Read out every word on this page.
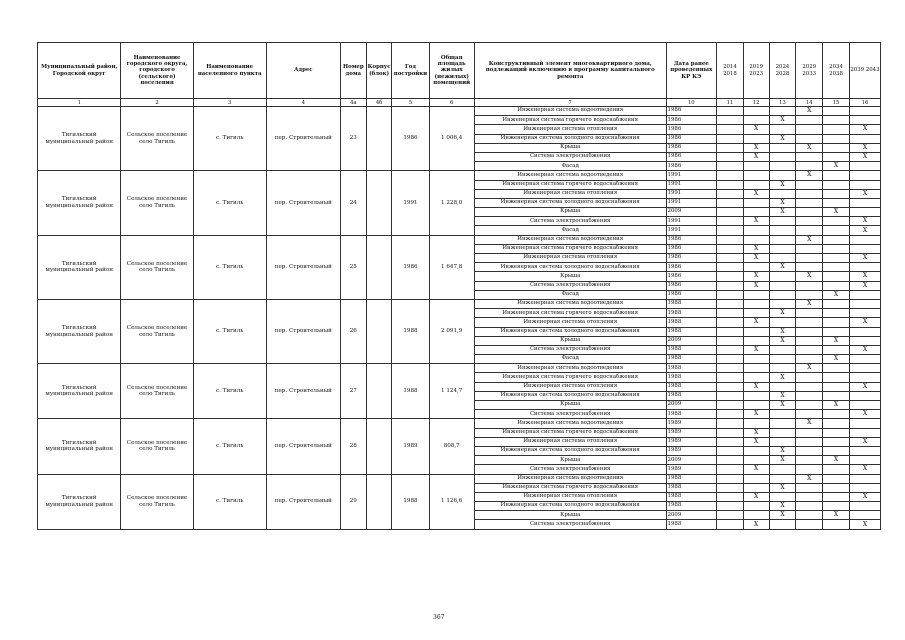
Муниципальный район, Городской округ	Наименование городского округа, городского (сельского) поселения	Наименование населенного пункта	Адрес	Номер дома	Корпус (блок)	Год постройки	Общая площадь жилых (нежилых) помещений	Конструктивный элемент многоквартирного дома, подлежащий включению в программу капитального ремонта	Дата ранее проведенных КР КЭ	2014 2018	2019 2023	2024 2028	2029 2033	2034 2038	2039 2043
1	2	3	4	4а	4б	5	6	7	10	11	12	13	14	15	16
Тигильский муниципальный район	Сельское поселение село Тигиль	с. Тигиль	пер. Строительный	23		1986	1 006,4	Инженерная система водоотведения	1986				X		
								Инженерная система горячего водоснабжения	1986			X			
								Инженерная система отопления	1986		X				X
								Инженерная система холодного водоснабжения	1986			X			
								Крыша	1986		X		X		X
								Система электроснабжения	1986		X				X
								Фасад	1986					X	
Тигильский муниципальный район	Сельское поселение село Тигиль	с. Тигиль	пер. Строительный	24		1991	1 228,0	Инженерная система водоотведения	1991				X		
								Инженерная система горячего водоснабжения	1991			X			
								Инженерная система отопления	1991		X				X
								Инженерная система холодного водоснабжения	1991			X			
								Крыша	2009			X		X	
								Система электроснабжения	1991		X				X
								Фасад	1991						X
Тигильский муниципальный район	Сельское поселение село Тигиль	с. Тигиль	пер. Строительный	25		1986	1 647,8	Инженерная система водоотведения	1986				X		
								Инженерная система горячего водоснабжения	1986		X				
								Инженерная система отопления	1986		X				X
								Инженерная система холодного водоснабжения	1986			X			
								Крыша	1986		X		X		X
								Система электроснабжения	1986		X				X
								Фасад	1986					X	
Тигильский муниципальный район	Сельское поселение село Тигиль	с. Тигиль	пер. Строительный	26		1988	2 091,9	Инженерная система водоотведения	1988				X		
								Инженерная система горячего водоснабжения	1988			X			
								Инженерная система отопления	1988		X				X
								Инженерная система холодного водоснабжения	1988			X			
								Крыша	2009			X		X	
								Система электроснабжения	1988		X				X
								Фасад	1988					X	
Тигильский муниципальный район	Сельское поселение село Тигиль	с. Тигиль	пер. Строительный	27		1988	1 124,7	Инженерная система водоотведения	1988				X		
								Инженерная система горячего водоснабжения	1988			X			
								Инженерная система отопления	1988		X				X
								Инженерная система холодного водоснабжения	1988			X			
								Крыша	2009			X		X	
								Система электроснабжения	1988		X				X
Тигильский муниципальный район	Сельское поселение село Тигиль	с. Тигиль	пер. Строительный	28		1989	808,7	Инженерная система водоотведения	1989				X		
								Инженерная система горячего водоснабжения	1989		X				
								Инженерная система отопления	1989		X				X
								Инженерная система холодного водоснабжения	1989			X			
								Крыша	2009			X		X	
								Система электроснабжения	1989		X				X
Тигильский муниципальный район	Сельское поселение село Тигиль	с. Тигиль	пер. Строительный	29		1988	1 126,6	Инженерная система водоотведения	1988				X		
								Инженерная система горячего водоснабжения	1988			X			
								Инженерная система отопления	1988		X				X
								Инженерная система холодного водоснабжения	1988			X			
								Крыша	2009			X		X	
								Система электроснабжения	1988		X				X
367
